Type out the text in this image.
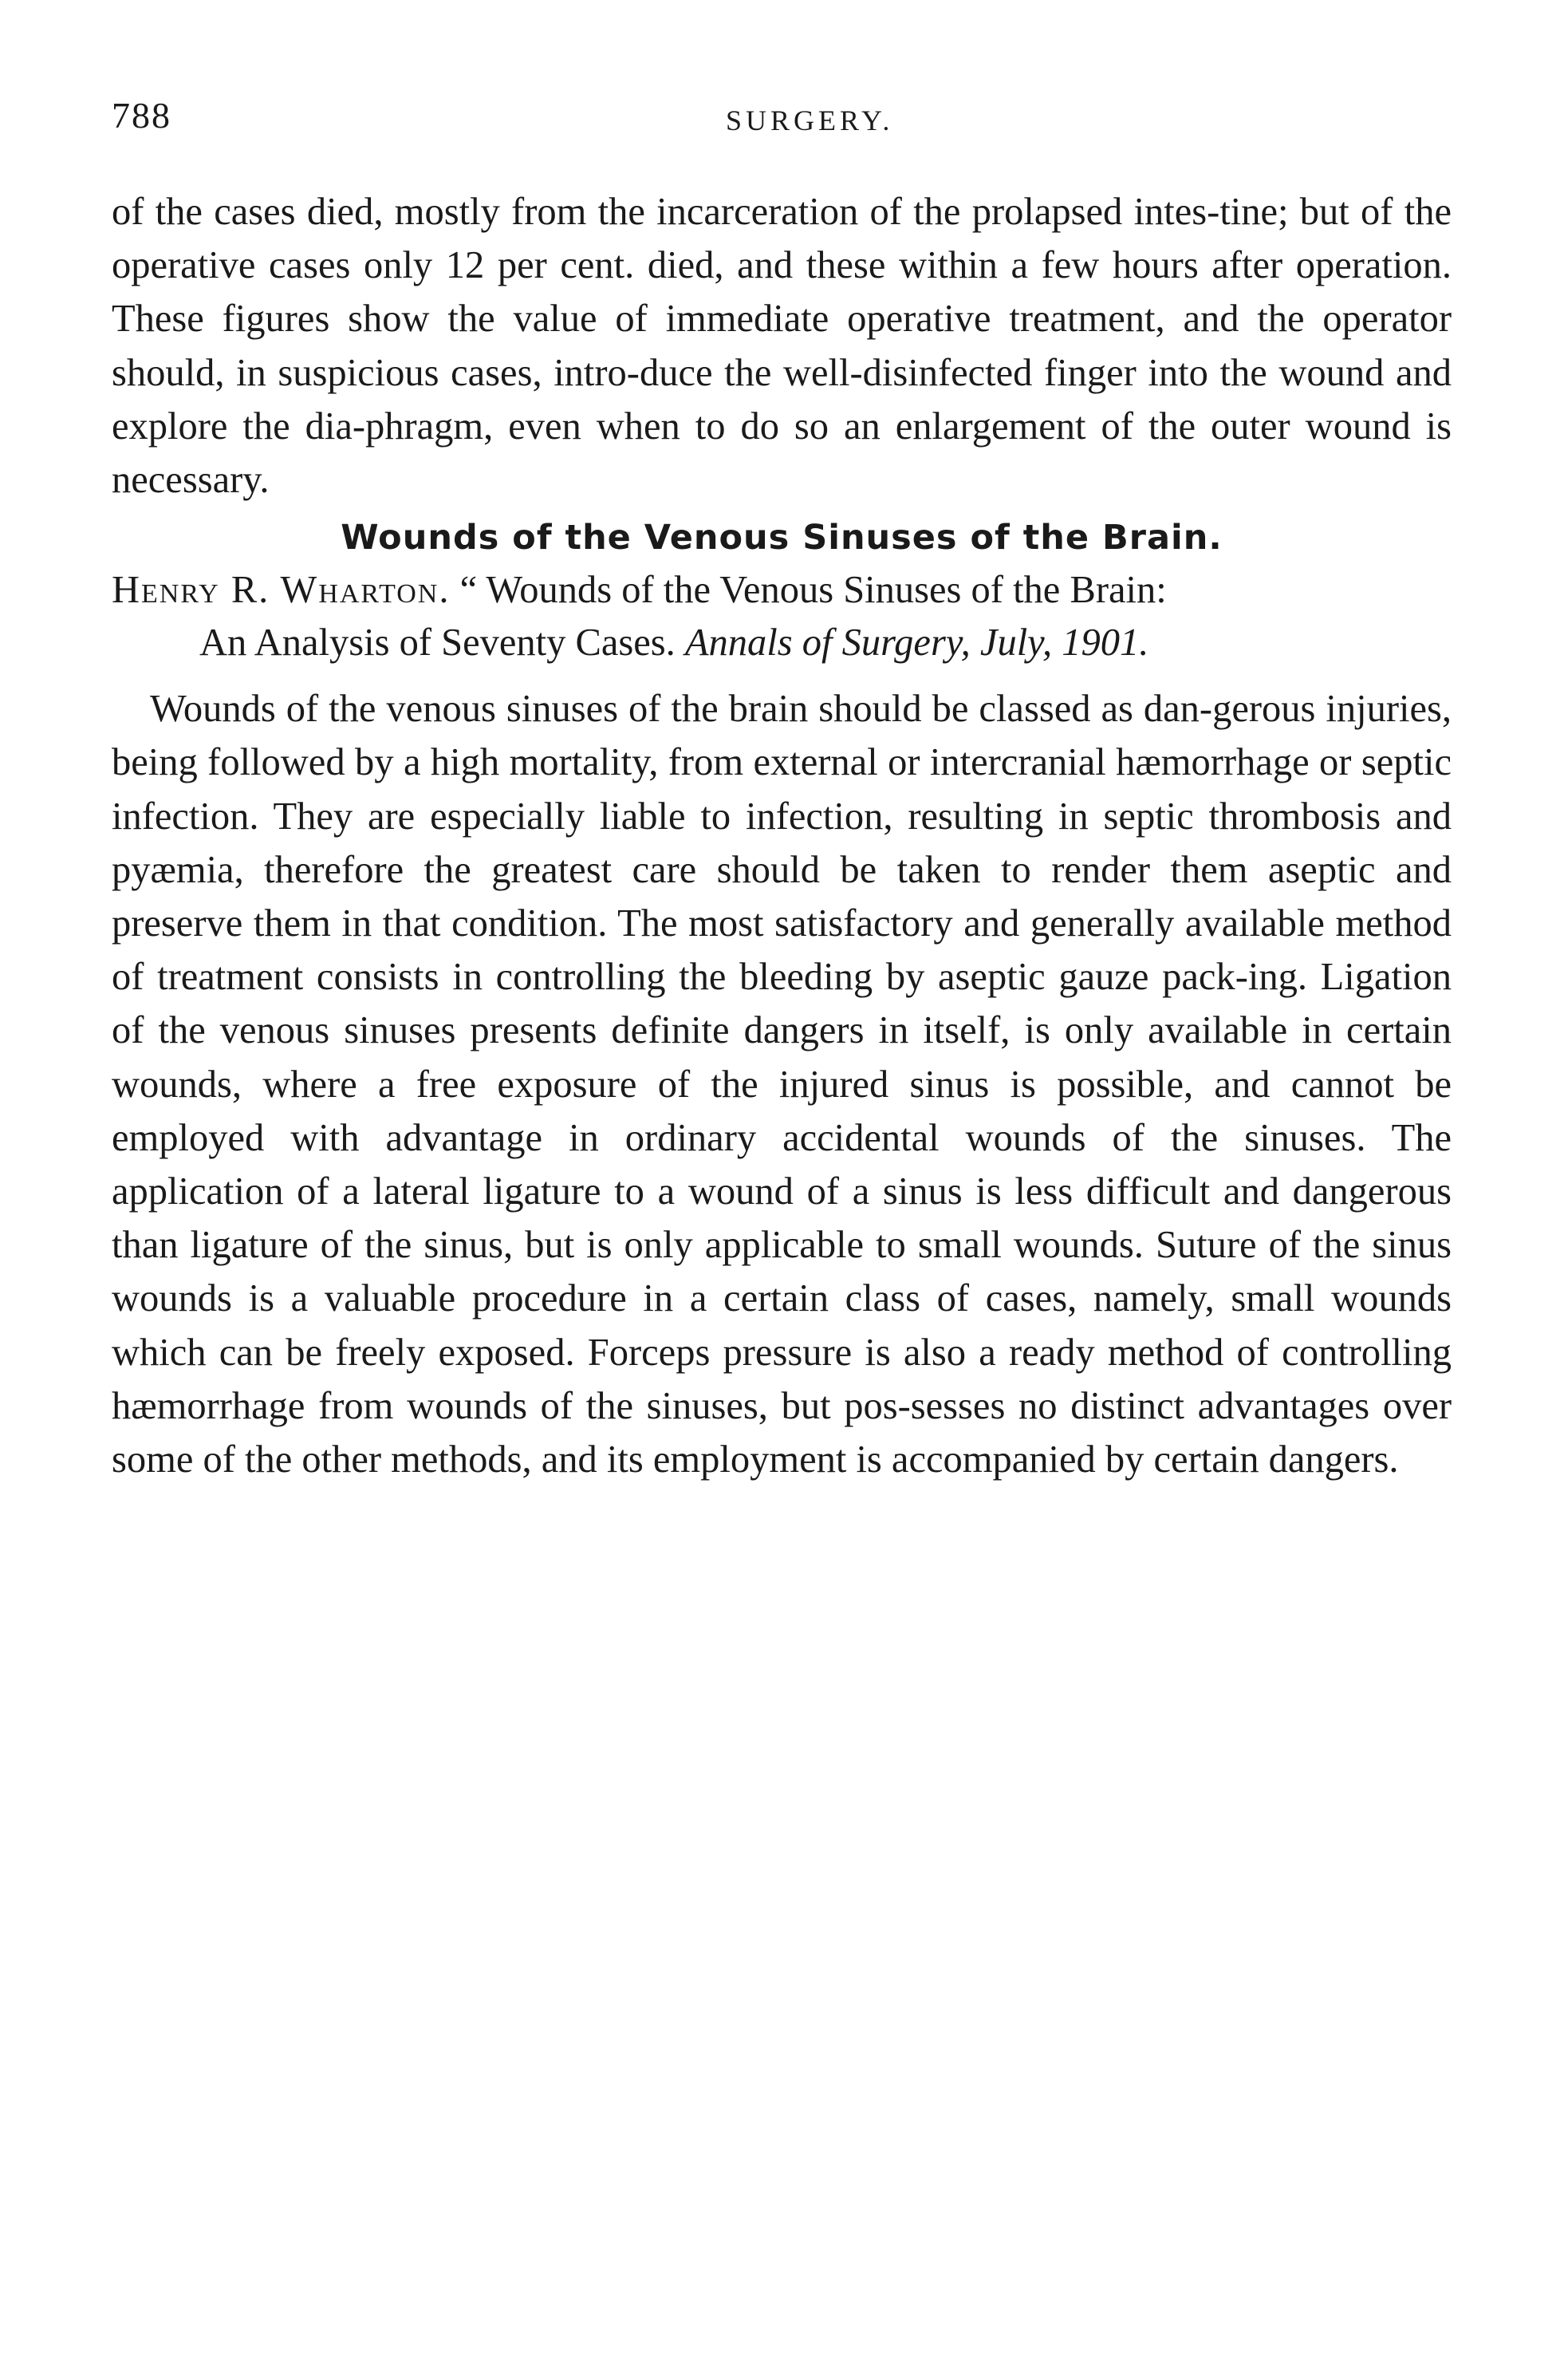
788	SURGERY.

of the cases died, mostly from the incarceration of the prolapsed intes-tine; but of the operative cases only 12 per cent. died, and these within a few hours after operation. These figures show the value of immediate operative treatment, and the operator should, in suspicious cases, intro-duce the well-disinfected finger into the wound and explore the dia-phragm, even when to do so an enlargement of the outer wound is necessary.

Wounds of the Venous Sinuses of the Brain.

Henry R. Wharton. “ Wounds of the Venous Sinuses of the Brain:
An Analysis of Seventy Cases. Annals of Surgery, July, 1901.

Wounds of the venous sinuses of the brain should be classed as dan-gerous injuries, being followed by a high mortality, from external or intercranial hæmorrhage or septic infection. They are especially liable to infection, resulting in septic thrombosis and pyæmia, therefore the greatest care should be taken to render them aseptic and preserve them in that condition. The most satisfactory and generally available method of treatment consists in controlling the bleeding by aseptic gauze pack-ing. Ligation of the venous sinuses presents definite dangers in itself, is only available in certain wounds, where a free exposure of the injured sinus is possible, and cannot be employed with advantage in ordinary accidental wounds of the sinuses. The application of a lateral ligature to a wound of a sinus is less difficult and dangerous than ligature of the sinus, but is only applicable to small wounds. Suture of the sinus wounds is a valuable procedure in a certain class of cases, namely, small wounds which can be freely exposed. Forceps pressure is also a ready method of controlling hæmorrhage from wounds of the sinuses, but pos-sesses no distinct advantages over some of the other methods, and its employment is accompanied by certain dangers.
